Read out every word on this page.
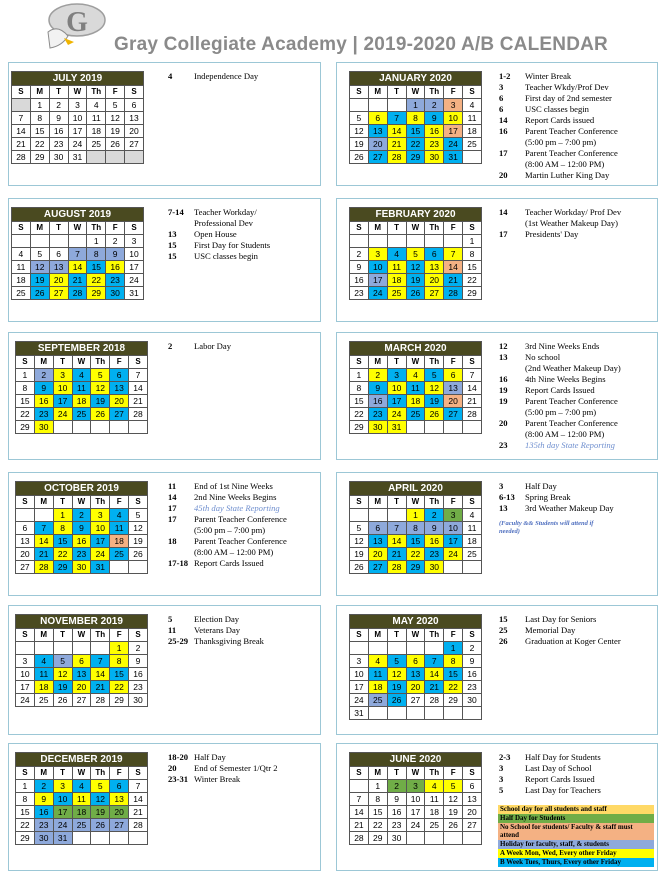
G
Gray Collegiate Academy | 2019-2020 A/B CALENDAR
JULY 2019						
S	M	T	W	Th	F	S
	1	2	3	4	5	6
7	8	9	10	11	12	13
14	15	16	17	18	19	20
21	22	23	24	25	26	27
28	29	30	31			
4	Independence Day	JANUARY 2020						
S	M	T	W	Th	F	S
			1	2	3	4
5	6	7	8	9	10	11
12	13	14	15	16	17	18
19	20	21	22	23	24	25
26	27	28	29	30	31	
1-2 Winter Break
3	Teacher Wkdy/Prof Dev
6	First day of 2nd semester
6	USC classes begin
14 Report Cards issued
16 Parent Teacher Conference
(5:00 pm – 7:00 pm)
17 Parent Teacher Conference
(8:00 AM – 12:00 PM)
20 Martin Luther King Day
AUGUST 2019						
S	M	T	W	Th	F	S
				1	2	3
4	5	6	7	8	9	10
11	12	13	14	15	16	17
18	19	20	21	22	23	24
25	26	27	28	29	30	31
7-14 Teacher Workday/
Professional Dev
13 Open House
15 First Day for Students
15 USC classes begin
FEBRUARY 2020						
S	M	T	W	Th	F	S
						1
2	3	4	5	6	7	8
9	10	11	12	13	14	15
16	17	18	19	20	21	22
23	24	25	26	27	28	29
14 Teacher Workday/ Prof Dev
(1st Weather Makeup Day)
17 Presidents' Day
SEPTEMBER 2018						
S	M	T	W	Th	F	S
1	2	3	4	5	6	7
8	9	10	11	12	13	14
15	16	17	18	19	20	21
22	23	24	25	26	27	28
29	30					
2	Labor Day	MARCH 2020						
S	M	T	W	Th	F	S
1	2	3	4	5	6	7
8	9	10	11	12	13	14
15	16	17	18	19	20	21
22	23	24	25	26	27	28
29	30	31				
12 3rd Nine Weeks Ends
13 No school
(2nd Weather Makeup Day)
16 4th Nine Weeks Begins
19 Report Cards Issued
19 Parent Teacher Conference
(5:00 pm – 7:00 pm)
20 Parent Teacher Conference
(8:00 AM – 12:00 PM)
23 135th day State Reporting
OCTOBER 2019						
S	M	T	W	Th	F	S
		1	2	3	4	5
6	7	8	9	10	11	12
13	14	15	16	17	18	19
20	21	22	23	24	25	26
27	28	29	30	31		
11 End of 1st Nine Weeks
14 2nd Nine Weeks Begins
17 45th day State Reporting
17 Parent Teacher Conference
(5:00 pm – 7:00 pm)
18 Parent Teacher Conference
(8:00 AM – 12:00 PM)
17-18 Report Cards Issued
APRIL 2020						
S	M	T	W	Th	F	S
			1	2	3	4
5	6	7	8	9	10	11
12	13	14	15	16	17	18
19	20	21	22	23	24	25
26	27	28	29	30		
3	Half Day
6-13 Spring Break
13 3rd Weather Makeup Day
(Faculty && Students will attend if
needed)
NOVEMBER 2019						
S	M	T	W	Th	F	S
					1	2
3	4	5	6	7	8	9
10	11	12	13	14	15	16
17	18	19	20	21	22	23
24	25	26	27	28	29	30
5	Election Day
11 Veterans Day
25-29 Thanksgiving Break
MAY 2020						
S	M	T	W	Th	F	S
					1	2
3	4	5	6	7	8	9
10	11	12	13	14	15	16
17	18	19	20	21	22	23
24	25	26	27	28	29	30
31						
15 Last Day for Seniors
25 Memorial Day
26 Graduation at Koger Center
DECEMBER 2019						
S	M	T	W	Th	F	S
1	2	3	4	5	6	7
8	9	10	11	12	13	14
15	16	17	18	19	20	21
22	23	24	25	26	27	28
29	30	31				
18-20 Half Day
20 End of Semester 1/Qtr 2
23-31 Winter Break
JUNE 2020						
S	M	T	W	Th	F	S
	1	2	3	4	5	6
7	8	9	10	11	12	13
14	15	16	17	18	19	20
21	22	23	24	25	26	27
28	29	30				
2-3 Half Day for Students
3	Last Day of School
3	Report Cards Issued
5	Last Day for Teachers
School day for all students and staff
Half Day for Students
No School for students/ Faculty & staff must
attend
Holiday for faculty, staff, & students
A Week Mon, Wed, Every other Friday
B Week Tues, Thurs, Every other Friday
